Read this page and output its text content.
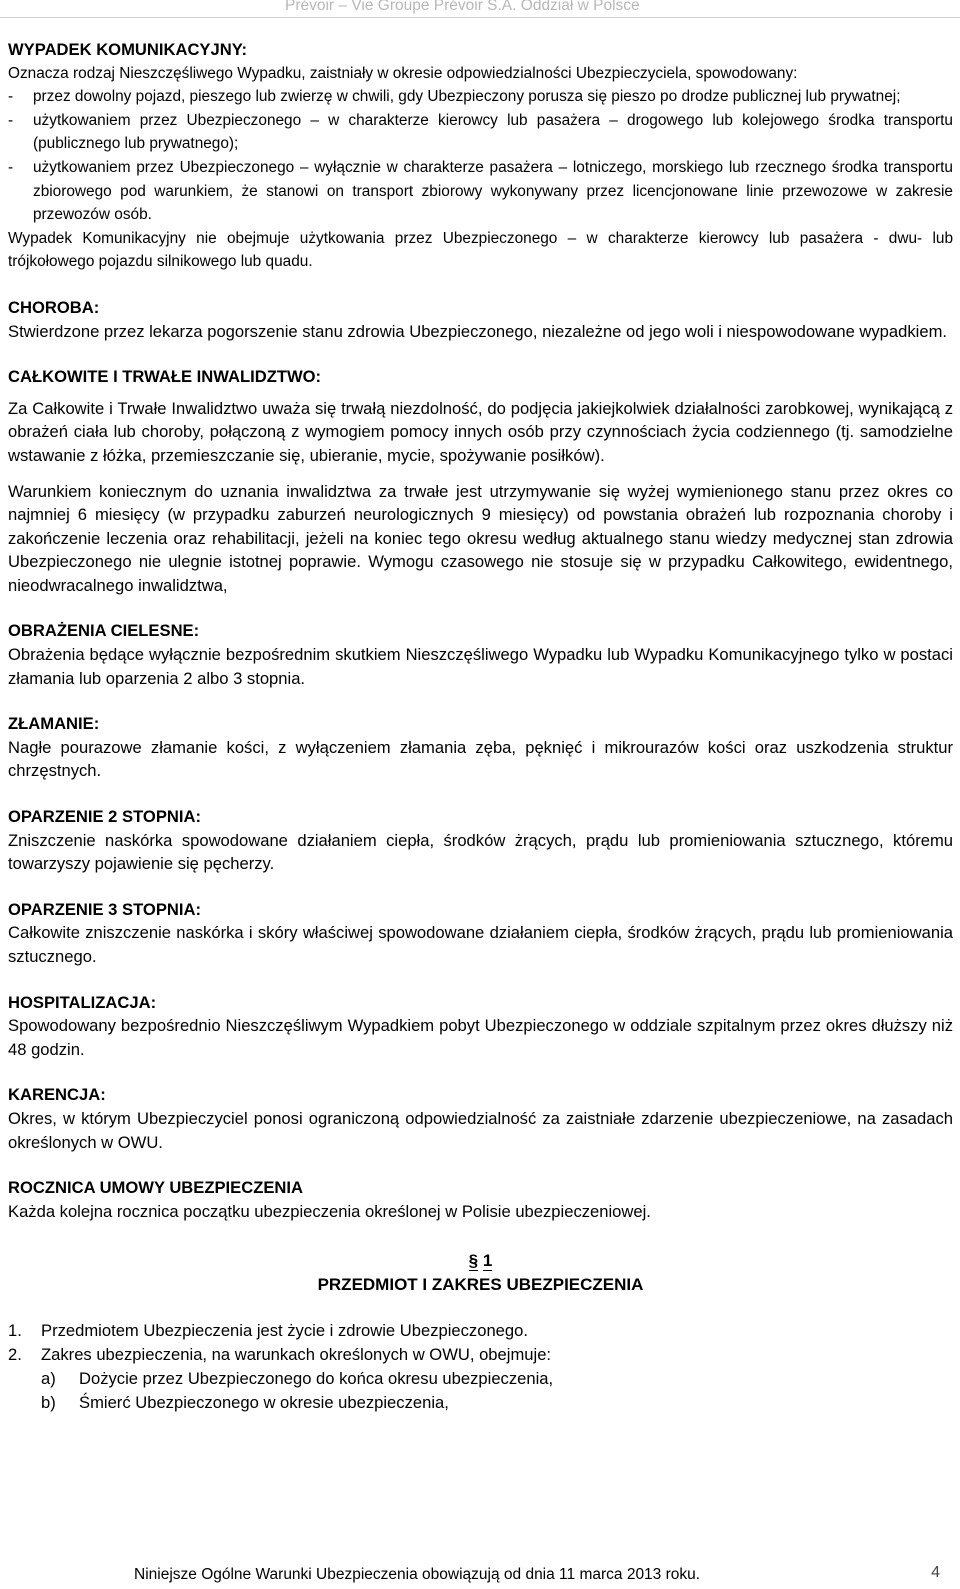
Prévoir – Vie Groupe Prévoir S.A. Oddział w Polsce

WYPADEK KOMUNIKACYJNY:

Oznacza rodzaj Nieszczęśliwego Wypadku, zaistniały w okresie odpowiedzialności Ubezpieczyciela, spowodowany:

-	przez dowolny pojazd, pieszego lub zwierzę w chwili, gdy Ubezpieczony porusza się pieszo po drodze publicznej lub prywatnej;
-	użytkowaniem przez Ubezpieczonego – w charakterze kierowcy lub pasażera – drogowego lub kolejowego środka transportu (publicznego lub prywatnego);
-	użytkowaniem przez Ubezpieczonego – wyłącznie w charakterze pasażera – lotniczego, morskiego lub rzecznego środka transportu zbiorowego pod warunkiem, że stanowi on transport zbiorowy wykonywany przez licencjonowane linie przewozowe w zakresie przewozów osób.

Wypadek Komunikacyjny nie obejmuje użytkowania przez Ubezpieczonego – w charakterze kierowcy lub pasażera - dwu- lub trójkołowego pojazdu silnikowego lub quadu.

CHOROBA:

Stwierdzone przez lekarza pogorszenie stanu zdrowia Ubezpieczonego, niezależne od jego woli i niespowodowane wypadkiem.

CAŁKOWITE I TRWAŁE INWALIDZTWO:

Za Całkowite i Trwałe Inwalidztwo uważa się trwałą niezdolność, do podjęcia jakiejkolwiek działalności zarobkowej, wynikającą z obrażeń ciała lub choroby, połączoną z wymogiem pomocy innych osób przy czynnościach życia codziennego (tj. samodzielne wstawanie z łóżka, przemieszczanie się, ubieranie, mycie, spożywanie posiłków).

Warunkiem koniecznym do uznania inwalidztwa za trwałe jest utrzymywanie się wyżej wymienionego stanu przez okres co najmniej 6 miesięcy (w przypadku zaburzeń neurologicznych 9 miesięcy) od powstania obrażeń lub rozpoznania choroby i zakończenie leczenia oraz rehabilitacji, jeżeli na koniec tego okresu według aktualnego stanu wiedzy medycznej stan zdrowia Ubezpieczonego nie ulegnie istotnej poprawie. Wymogu czasowego nie stosuje się w przypadku Całkowitego, ewidentnego, nieodwracalnego inwalidztwa,

OBRAŻENIA CIELESNE:

Obrażenia będące wyłącznie bezpośrednim skutkiem Nieszczęśliwego Wypadku lub Wypadku Komunikacyjnego tylko w postaci złamania lub oparzenia 2 albo 3 stopnia.

ZŁAMANIE:

Nagłe pourazowe złamanie kości, z wyłączeniem złamania zęba, pęknięć i mikrourazów kości oraz uszkodzenia struktur chrzęstnych.

OPARZENIE 2 STOPNIA:

Zniszczenie naskórka spowodowane działaniem ciepła, środków żrących, prądu lub promieniowania sztucznego, któremu towarzyszy pojawienie się pęcherzy.

OPARZENIE 3 STOPNIA:

Całkowite zniszczenie naskórka i skóry właściwej spowodowane działaniem ciepła, środków żrących, prądu lub promieniowania sztucznego.

HOSPITALIZACJA:

Spowodowany bezpośrednio Nieszczęśliwym Wypadkiem pobyt Ubezpieczonego w oddziale szpitalnym przez okres dłuższy niż 48 godzin.

KARENCJA:

Okres, w którym Ubezpieczyciel ponosi ograniczoną odpowiedzialność za zaistniałe zdarzenie ubezpieczeniowe, na zasadach określonych w OWU.

ROCZNICA UMOWY UBEZPIECZENIA

Każda kolejna rocznica początku ubezpieczenia określonej w Polisie ubezpieczeniowej.

§ 1

PRZEDMIOT I ZAKRES UBEZPIECZENIA

1.	Przedmiotem Ubezpieczenia jest życie i zdrowie Ubezpieczonego.
2.	Zakres ubezpieczenia, na warunkach określonych w OWU, obejmuje:
a)	Dożycie przez Ubezpieczonego do końca okresu ubezpieczenia,
b)	Śmierć Ubezpieczonego w okresie ubezpieczenia,
Niniejsze Ogólne Warunki Ubezpieczenia obowiązują od dnia 11 marca 2013 roku.	4
